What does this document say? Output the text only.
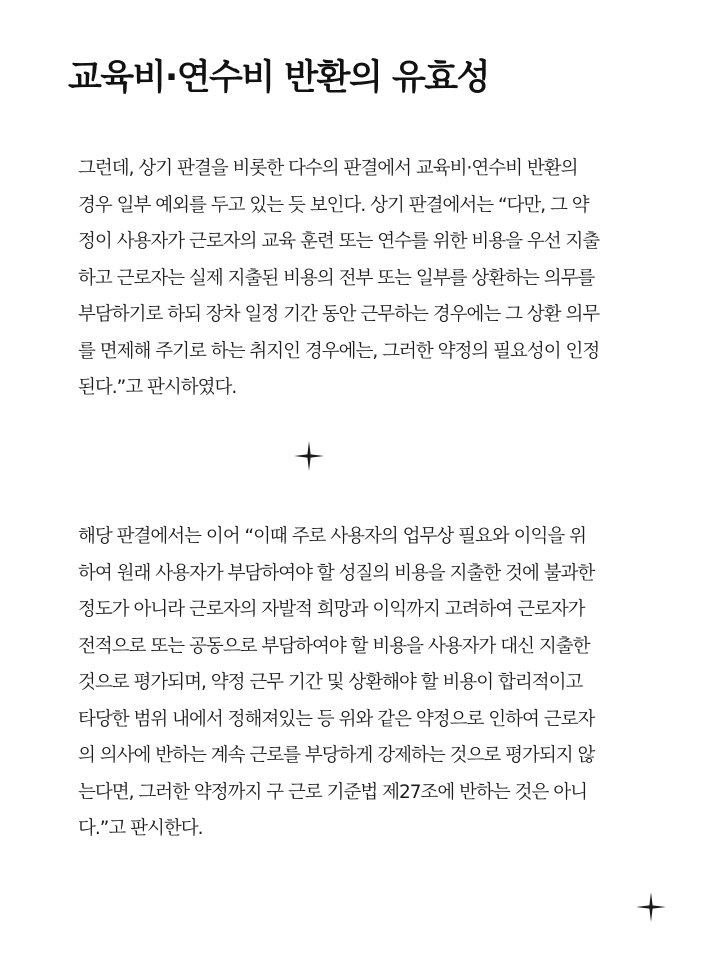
교육비·연수비 반환의 유효성
그런데, 상기 판결을 비롯한 다수의 판결에서 교육비·연수비 반환의
경우 일부 예외를 두고 있는 듯 보인다. 상기 판결에서는 “다만, 그 약
정이 사용자가 근로자의 교육 훈련 또는 연수를 위한 비용을 우선 지출
하고 근로자는 실제 지출된 비용의 전부 또는 일부를 상환하는 의무를
부담하기로 하되 장차 일정 기간 동안 근무하는 경우에는 그 상환 의무
를 면제해 주기로 하는 취지인 경우에는, 그러한 약정의 필요성이 인정
된다.”고 판시하였다.
해당 판결에서는 이어 “이때 주로 사용자의 업무상 필요와 이익을 위
하여 원래 사용자가 부담하여야 할 성질의 비용을 지출한 것에 불과한
정도가 아니라 근로자의 자발적 희망과 이익까지 고려하여 근로자가
전적으로 또는 공동으로 부담하여야 할 비용을 사용자가 대신 지출한
것으로 평가되며, 약정 근무 기간 및 상환해야 할 비용이 합리적이고
타당한 범위 내에서 정해져있는 등 위와 같은 약정으로 인하여 근로자
의 의사에 반하는 계속 근로를 부당하게 강제하는 것으로 평가되지 않
는다면, 그러한 약정까지 구 근로 기준법 제27조에 반하는 것은 아니
다.”고 판시한다.
